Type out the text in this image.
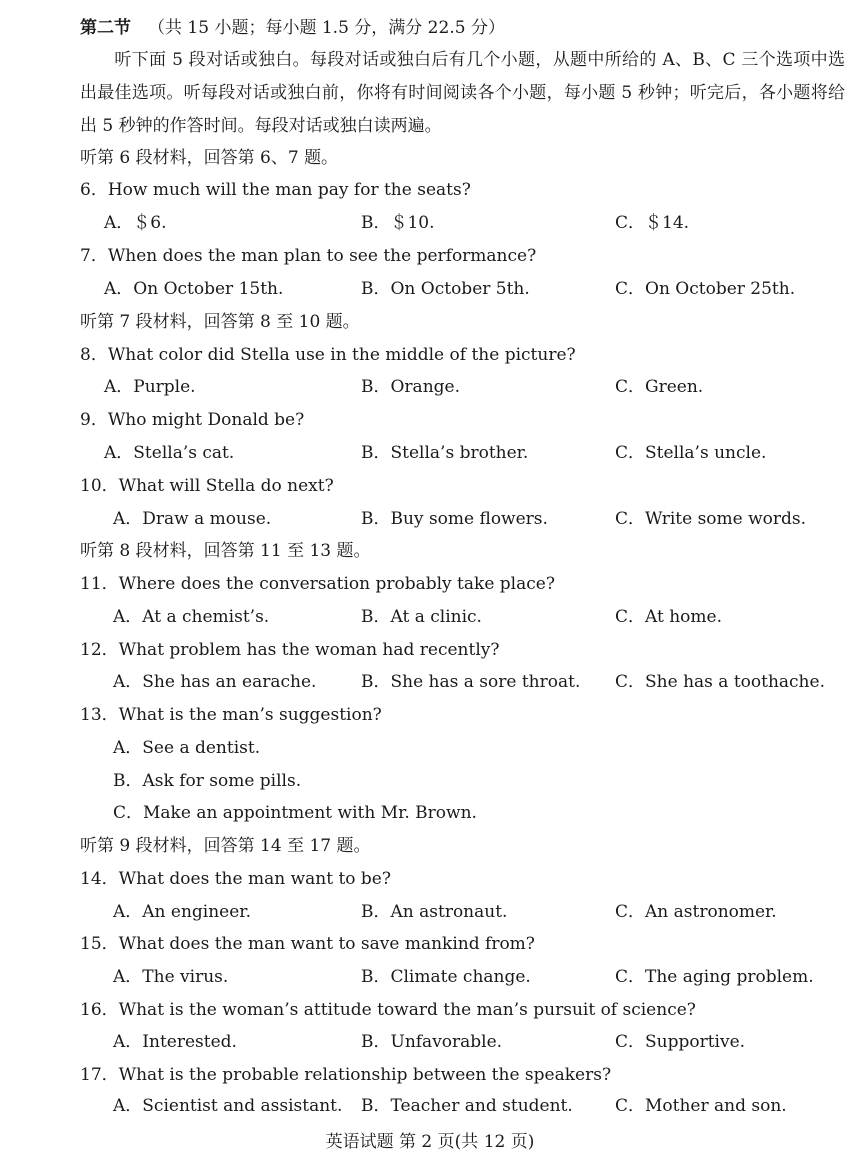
第二节 （共 15 小题；每小题 1.5 分，满分 22.5 分）
听下面 5 段对话或独白。每段对话或独白后有几个小题，从题中所给的 A、B、C 三个选项中选出最佳选项。听每段对话或独白前，你将有时间阅读各个小题，每小题 5 秒钟；听完后，各小题将给出 5 秒钟的作答时间。每段对话或独白读两遍。
听第 6 段材料，回答第 6、7 题。
6．How much will the man pay for the seats?
A．＄6.	B．＄10.	C．＄14.
7．When does the man plan to see the performance?
A．On October 15th.	B．On October 5th.	C．On October 25th.
听第 7 段材料，回答第 8 至 10 题。
8．What color did Stella use in the middle of the picture?
A．Purple.	B．Orange.	C．Green.
9．Who might Donald be?
A．Stella’s cat.	B．Stella’s brother.	C．Stella’s uncle.
10．What will Stella do next?
A．Draw a mouse.	B．Buy some flowers.	C．Write some words.
听第 8 段材料，回答第 11 至 13 题。
11．Where does the conversation probably take place?
A．At a chemist’s.	B．At a clinic.	C．At home.
12．What problem has the woman had recently?
A．She has an earache.	B．She has a sore throat. C．She has a toothache.
13．What is the man’s suggestion?
A．See a dentist.
B．Ask for some pills.
C．Make an appointment with Mr. Brown.
听第 9 段材料，回答第 14 至 17 题。
14．What does the man want to be?
A．An engineer.	B．An astronaut.	C．An astronomer.
15．What does the man want to save mankind from?
A．The virus.	B．Climate change.	C．The aging problem.
16．What is the woman’s attitude toward the man’s pursuit of science?
A．Interested.	B．Unfavorable.	C．Supportive.
17．What is the probable relationship between the speakers?
A．Scientist and assistant. B．Teacher and student. C．Mother and son.
英语试题 第 2 页(共 12 页)
